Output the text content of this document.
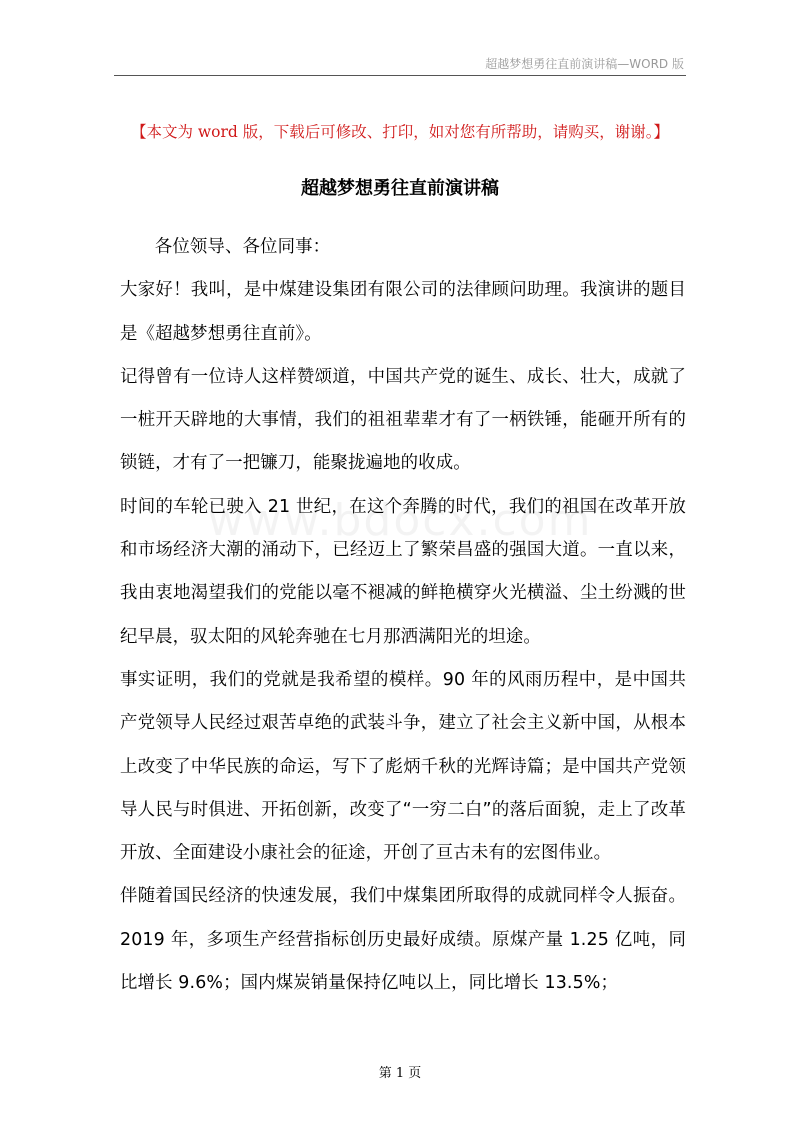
超越梦想勇往直前演讲稿—WORD 版
【本文为 word 版，下载后可修改、打印，如对您有所帮助，请购买，谢谢。】
超越梦想勇往直前演讲稿

各位领导、各位同事：

大家好！我叫，是中煤建设集团有限公司的法律顾问助理。我演讲的题目是《超越梦想勇往直前》。

记得曾有一位诗人这样赞颂道，中国共产党的诞生、成长、壮大，成就了一桩开天辟地的大事情，我们的祖祖辈辈才有了一柄铁锤，能砸开所有的锁链，才有了一把镰刀，能聚拢遍地的收成。

时间的车轮已驶入 21 世纪，在这个奔腾的时代，我们的祖国在改革开放和市场经济大潮的涌动下，已经迈上了繁荣昌盛的强国大道。一直以来，我由衷地渴望我们的党能以毫不褪减的鲜艳横穿火光横溢、尘土纷溅的世纪早晨，驭太阳的风轮奔驰在七月那洒满阳光的坦途。

事实证明，我们的党就是我希望的模样。90 年的风雨历程中，是中国共产党领导人民经过艰苦卓绝的武装斗争，建立了社会主义新中国，从根本上改变了中华民族的命运，写下了彪炳千秋的光辉诗篇；是中国共产党领导人民与时俱进、开拓创新，改变了“一穷二白”的落后面貌，走上了改革开放、全面建设小康社会的征途，开创了亘古未有的宏图伟业。

伴随着国民经济的快速发展，我们中煤集团所取得的成就同样令人振奋。2019 年，多项生产经营指标创历史最好成绩。原煤产量 1.25 亿吨，同比增长 9.6%；国内煤炭销量保持亿吨以上，同比增长 13.5%；

第 1 页
